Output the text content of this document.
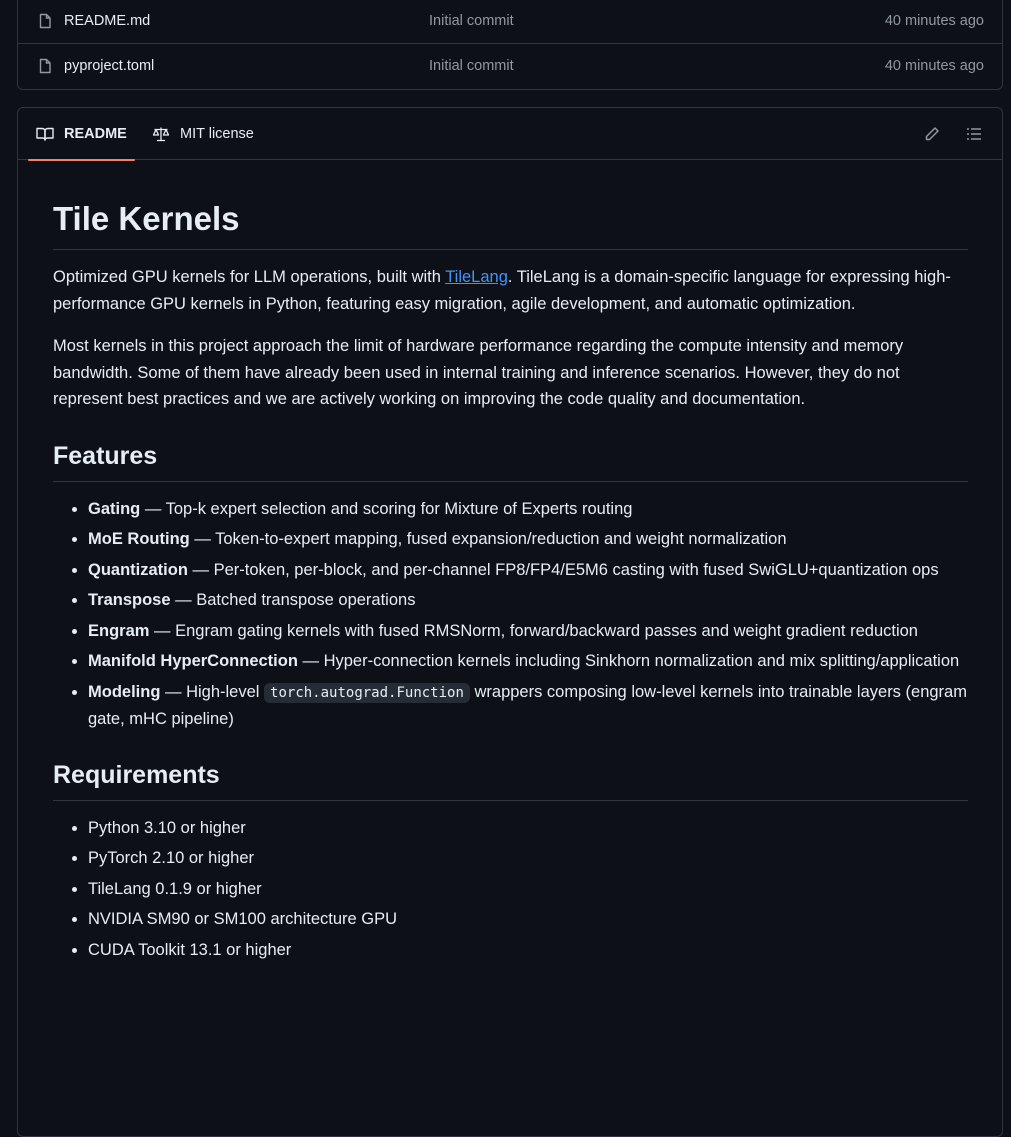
README.md	Initial commit	40 minutes ago
pyproject.toml	Initial commit	40 minutes ago
README	MIT license
Tile Kernels

Optimized GPU kernels for LLM operations, built with TileLang. TileLang is a domain-specific language for expressing high-performance GPU kernels in Python, featuring easy migration, agile development, and automatic optimization.

Most kernels in this project approach the limit of hardware performance regarding the compute intensity and memory bandwidth. Some of them have already been used in internal training and inference scenarios. However, they do not represent best practices and we are actively working on improving the code quality and documentation.

Features
• Gating — Top-k expert selection and scoring for Mixture of Experts routing
• MoE Routing — Token-to-expert mapping, fused expansion/reduction and weight normalization
• Quantization — Per-token, per-block, and per-channel FP8/FP4/E5M6 casting with fused SwiGLU+quantization ops
• Transpose — Batched transpose operations
• Engram — Engram gating kernels with fused RMSNorm, forward/backward passes and weight gradient reduction
• Manifold HyperConnection — Hyper-connection kernels including Sinkhorn normalization and mix splitting/application
• Modeling — High-level torch.autograd.Function wrappers composing low-level kernels into trainable layers (engram gate, mHC pipeline)
Requirements
• Python 3.10 or higher
• PyTorch 2.10 or higher
• TileLang 0.1.9 or higher
• NVIDIA SM90 or SM100 architecture GPU
• CUDA Toolkit 13.1 or higher
